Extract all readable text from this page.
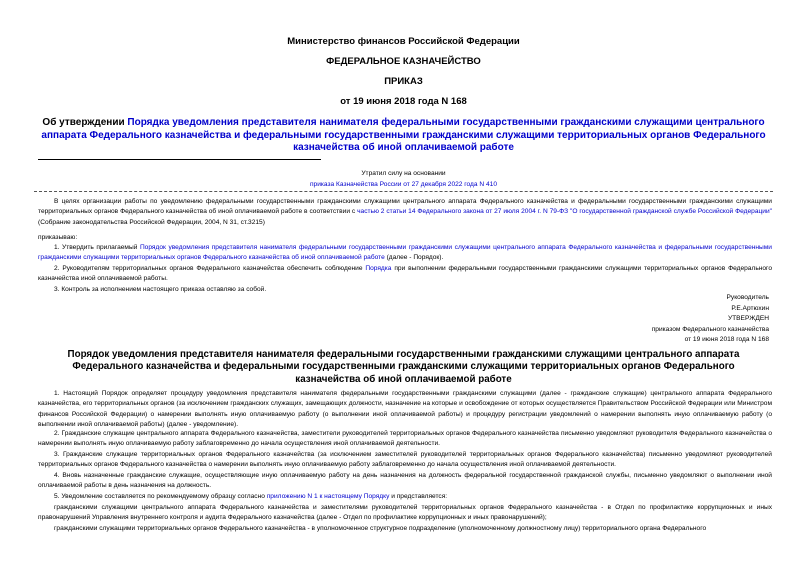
Министерство финансов Российской Федерации
ФЕДЕРАЛЬНОЕ КАЗНАЧЕЙСТВО
ПРИКАЗ
от 19 июня 2018 года N 168
Об утверждении Порядка уведомления представителя нанимателя федеральными государственными гражданскими служащими центрального аппарата Федерального казначейства и федеральными государственными гражданскими служащими территориальных органов Федерального казначейства об иной оплачиваемой работе
Утратил силу на основании
приказа Казначейства России от 27 декабря 2022 года N 410
В целях организации работы по уведомлению федеральными государственными гражданскими служащими центрального аппарата Федерального казначейства и федеральными государственными гражданскими служащими территориальных органов Федерального казначейства об иной оплачиваемой работе в соответствии с частью 2 статьи 14 Федерального закона от 27 июля 2004 г. N 79-ФЗ "О государственной гражданской службе Российской Федерации" (Собрание законодательства Российской Федерации, 2004, N 31, ст.3215)
приказываю:
1. Утвердить прилагаемый Порядок уведомления представителя нанимателя федеральными государственными гражданскими служащими центрального аппарата Федерального казначейства и федеральными государственными гражданскими служащими территориальных органов Федерального казначейства об иной оплачиваемой работе (далее - Порядок).
2. Руководителям территориальных органов Федерального казначейства обеспечить соблюдение Порядка при выполнении федеральными государственными гражданскими служащими территориальных органов Федерального казначейства иной оплачиваемой работы.
3. Контроль за исполнением настоящего приказа оставляю за собой.
Руководитель
Р.Е.Артюхин
УТВЕРЖДЕН
приказом Федерального казначейства
от 19 июня 2018 года N 168
Порядок уведомления представителя нанимателя федеральными государственными гражданскими служащими центрального аппарата Федерального казначейства и федеральными государственными гражданскими служащими территориальных органов Федерального казначейства об иной оплачиваемой работе
1. Настоящий Порядок определяет процедуру уведомления представителя нанимателя федеральными государственными гражданскими служащими (далее - гражданские служащие) центрального аппарата Федерального казначейства, его территориальных органов (за исключением гражданских служащих, замещающих должности, назначение на которые и освобождение от которых осуществляется Правительством Российской Федерации или Министром финансов Российской Федерации) о намерении выполнять иную оплачиваемую работу (о выполнении иной оплачиваемой работы) и процедуру регистрации уведомлений о намерении выполнять иную оплачиваемую работу (о выполнении иной оплачиваемой работы) (далее - уведомление).
2. Гражданские служащие центрального аппарата Федерального казначейства, заместители руководителей территориальных органов Федерального казначейства письменно уведомляют руководителя Федерального казначейства о намерении выполнять иную оплачиваемую работу заблаговременно до начала осуществления иной оплачиваемой деятельности.
3. Гражданские служащие территориальных органов Федерального казначейства (за исключением заместителей руководителей территориальных органов Федерального казначейства) письменно уведомляют руководителей территориальных органов Федерального казначейства о намерении выполнять иную оплачиваемую работу заблаговременно до начала осуществления иной оплачиваемой деятельности.
4. Вновь назначенные гражданские служащие, осуществляющие иную оплачиваемую работу на день назначения на должность федеральной государственной гражданской службы, письменно уведомляют о выполнении иной оплачиваемой работы в день назначения на должность.
5. Уведомление составляется по рекомендуемому образцу согласно приложению N 1 к настоящему Порядку и представляется:
гражданскими служащими центрального аппарата Федерального казначейства и заместителями руководителей территориальных органов Федерального казначейства - в Отдел по профилактике коррупционных и иных правонарушений Управления внутреннего контроля и аудита Федерального казначейства (далее - Отдел по профилактике коррупционных и иных правонарушений);
гражданскими служащими территориальных органов Федерального казначейства - в уполномоченное структурное подразделение (уполномоченному должностному лицу) территориального органа Федерального
